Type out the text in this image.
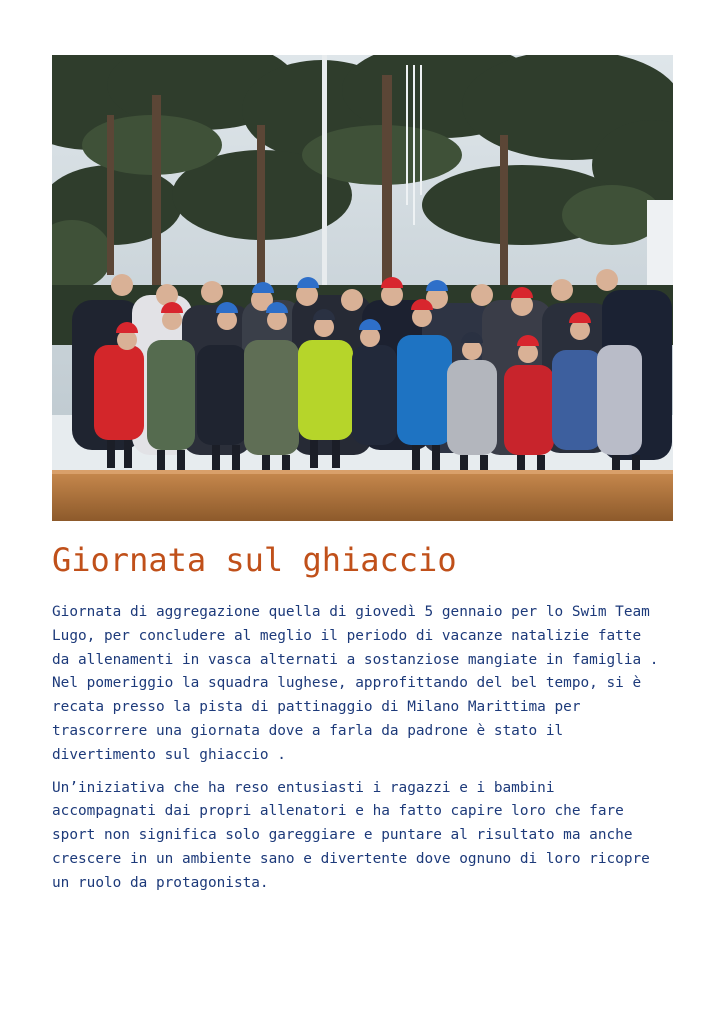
Giornata sul ghiaccio

Giornata di aggregazione quella di giovedì 5 gennaio per lo Swim Team
Lugo, per concludere al meglio il periodo di vacanze natalizie fatte
da allenamenti in vasca alternati a sostanziose mangiate in famiglia .
Nel pomeriggio la squadra lughese, approfittando del bel tempo, si è
recata presso la pista di pattinaggio di Milano Marittima per
trascorrere una giornata dove a farla da padrone è stato il
divertimento sul ghiaccio .

Un’iniziativa che ha reso entusiasti i ragazzi e i bambini
accompagnati dai propri allenatori e ha fatto capire loro che fare
sport non significa solo gareggiare e puntare al risultato ma anche
crescere in un ambiente sano e divertente dove ognuno di loro ricopre
un ruolo da protagonista.
